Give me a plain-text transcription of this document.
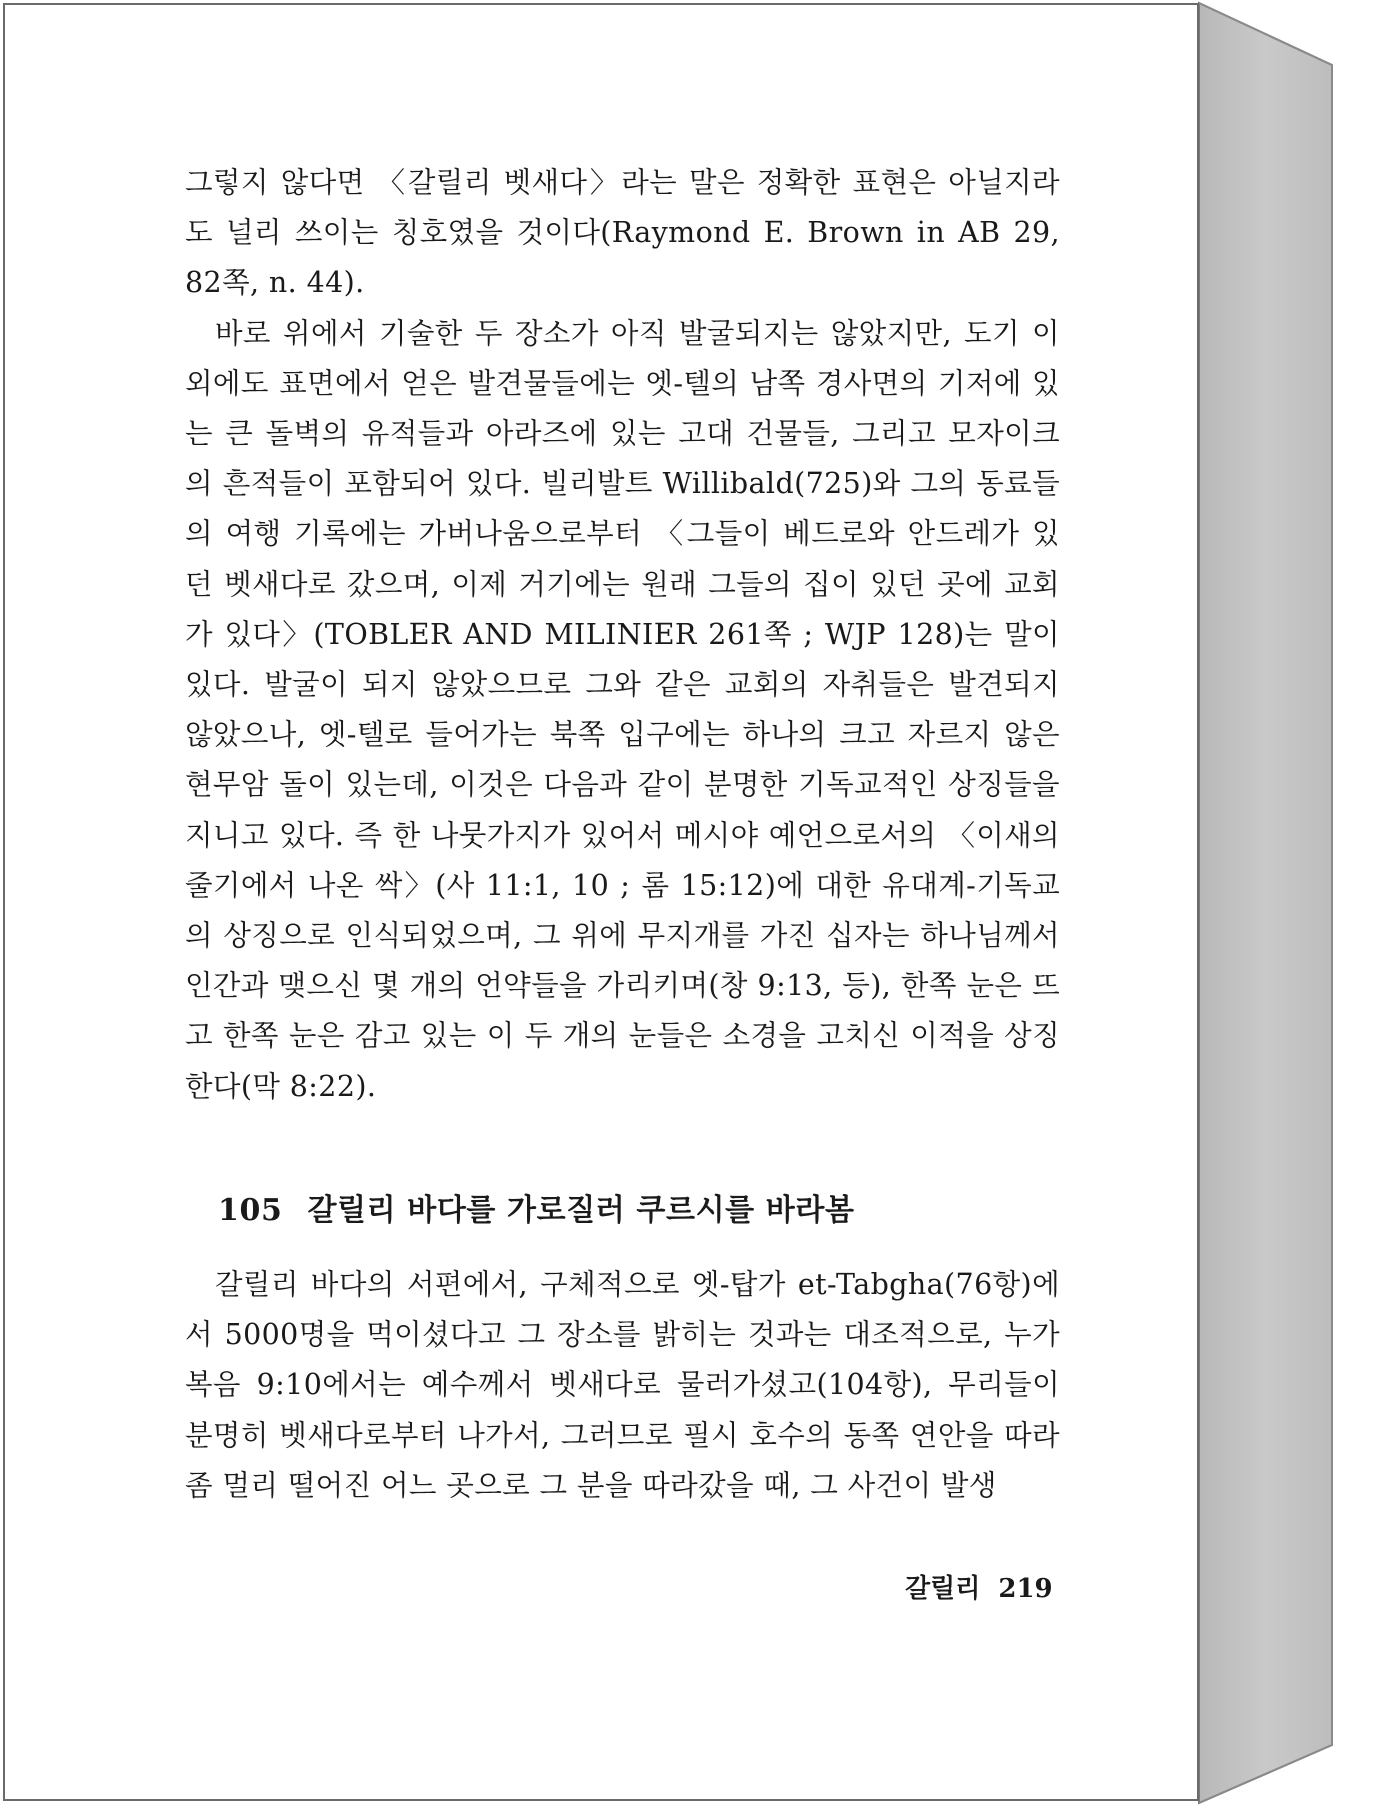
그렇지 않다면 〈갈릴리 벳새다〉라는 말은 정확한 표현은 아닐지라도 널리 쓰이는 칭호였을 것이다(Raymond E. Brown in AB 29, 82쪽, n. 44).

바로 위에서 기술한 두 장소가 아직 발굴되지는 않았지만, 도기 이외에도 표면에서 얻은 발견물들에는 엣-텔의 남쪽 경사면의 기저에 있는 큰 돌벽의 유적들과 아라즈에 있는 고대 건물들, 그리고 모자이크의 흔적들이 포함되어 있다. 빌리발트 Willibald(725)와 그의 동료들의 여행 기록에는 가버나움으로부터 〈그들이 베드로와 안드레가 있던 벳새다로 갔으며, 이제 거기에는 원래 그들의 집이 있던 곳에 교회가 있다〉(TOBLER AND MILINIER 261쪽 ; WJP 128)는 말이 있다. 발굴이 되지 않았으므로 그와 같은 교회의 자취들은 발견되지 않았으나, 엣-텔로 들어가는 북쪽 입구에는 하나의 크고 자르지 않은 현무암 돌이 있는데, 이것은 다음과 같이 분명한 기독교적인 상징들을 지니고 있다. 즉 한 나뭇가지가 있어서 메시야 예언으로서의 〈이새의 줄기에서 나온 싹〉(사 11:1, 10 ; 롬 15:12)에 대한 유대계-기독교의 상징으로 인식되었으며, 그 위에 무지개를 가진 십자는 하나님께서 인간과 맺으신 몇 개의 언약들을 가리키며(창 9:13, 등), 한쪽 눈은 뜨고 한쪽 눈은 감고 있는 이 두 개의 눈들은 소경을 고치신 이적을 상징한다(막 8:22).

105 갈릴리 바다를 가로질러 쿠르시를 바라봄

갈릴리 바다의 서편에서, 구체적으로 엣-탑가 et-Tabgha(76항)에서 5000명을 먹이셨다고 그 장소를 밝히는 것과는 대조적으로, 누가복음 9:10에서는 예수께서 벳새다로 물러가셨고(104항), 무리들이 분명히 벳새다로부터 나가서, 그러므로 필시 호수의 동쪽 연안을 따라 좀 멀리 떨어진 어느 곳으로 그 분을 따라갔을 때, 그 사건이 발생

갈릴리 219
